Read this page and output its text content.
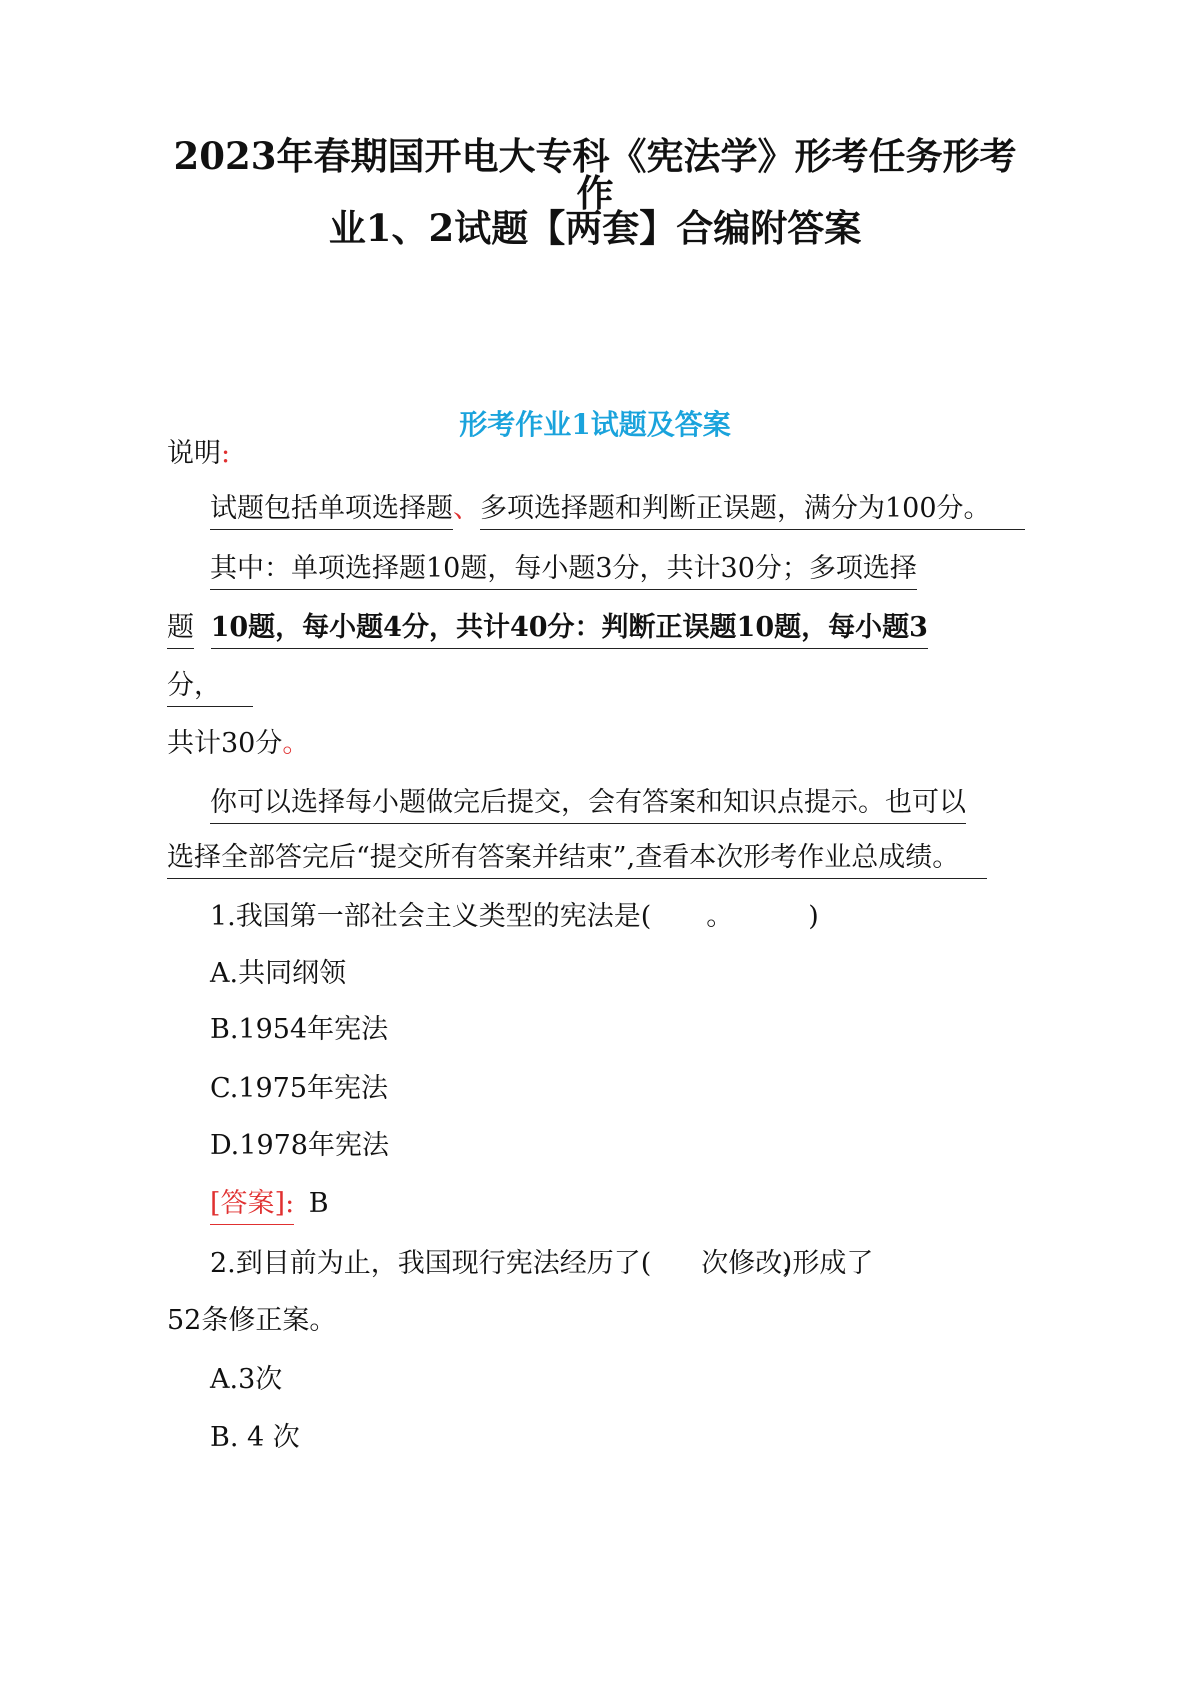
2023年春期国开电大专科《宪法学》形考任务形考作
业1、2试题【两套】合编附答案
形考作业1试题及答案
说明:
试题包括单项选择题、多项选择题和判断正误题，满分为100分。
其中：单项选择题10题，每小题3分，共计30分；多项选择
题 10题，每小题4分，共计40分：判断正误题10题，每小题3
分，
共计30分。
你可以选择每小题做完后提交，会有答案和知识点提示。也可以
选择全部答完后“提交所有答案并结束”,查看本次形考作业总成绩。
1.我国第一部社会主义类型的宪法是( 。	)
A.共同纲领
B.1954年宪法
C.1975年宪法
D.1978年宪法
[答案]: B
2.到目前为止，我国现行宪法经历了( 次修改，)形成了
52条修正案。
A.3次
B. 4 次
